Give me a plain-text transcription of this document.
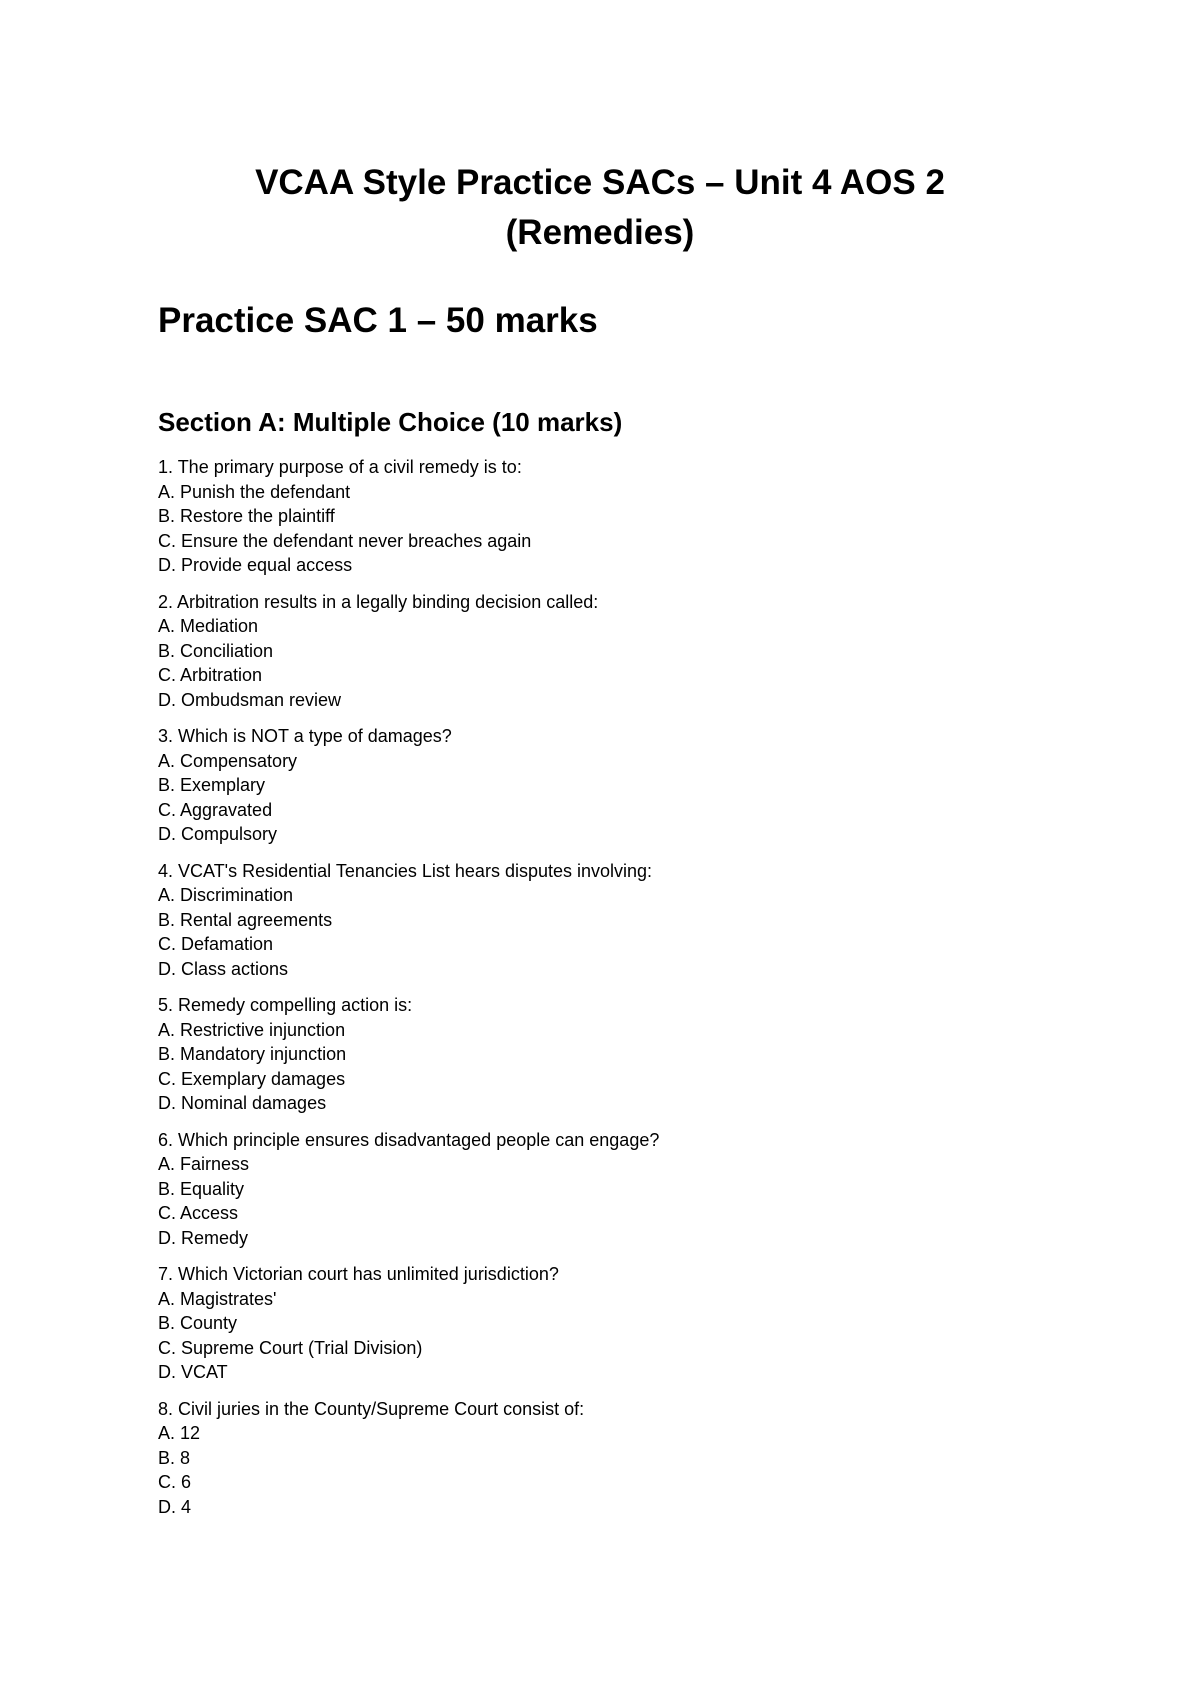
VCAA Style Practice SACs – Unit 4 AOS 2
(Remedies)
Practice SAC 1 – 50 marks
Section A: Multiple Choice (10 marks)
1. The primary purpose of a civil remedy is to:
A. Punish the defendant
B. Restore the plaintiff
C. Ensure the defendant never breaches again
D. Provide equal access
2. Arbitration results in a legally binding decision called:
A. Mediation
B. Conciliation
C. Arbitration
D. Ombudsman review
3. Which is NOT a type of damages?
A. Compensatory
B. Exemplary
C. Aggravated
D. Compulsory
4. VCAT's Residential Tenancies List hears disputes involving:
A. Discrimination
B. Rental agreements
C. Defamation
D. Class actions
5. Remedy compelling action is:
A. Restrictive injunction
B. Mandatory injunction
C. Exemplary damages
D. Nominal damages
6. Which principle ensures disadvantaged people can engage?
A. Fairness
B. Equality
C. Access
D. Remedy
7. Which Victorian court has unlimited jurisdiction?
A. Magistrates'
B. County
C. Supreme Court (Trial Division)
D. VCAT
8. Civil juries in the County/Supreme Court consist of:
A. 12
B. 8
C. 6
D. 4
